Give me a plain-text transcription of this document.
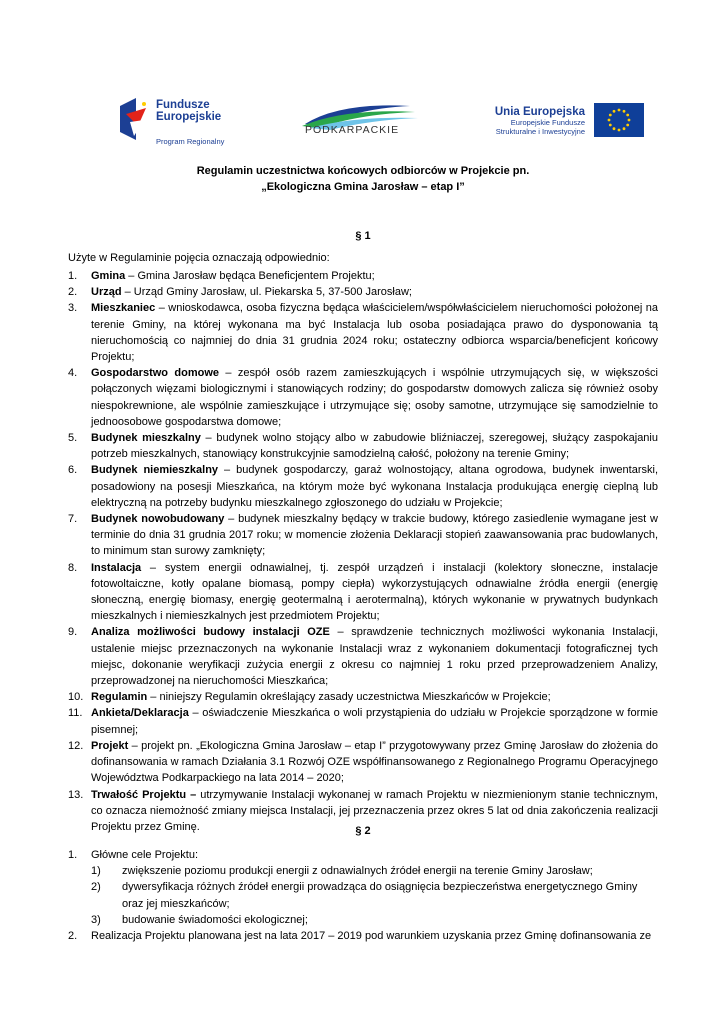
Fundusze
Europejskie
Program Regionalny
PODKARPACKIE
Unia Europejska
Europejskie Fundusze
Strukturalne i Inwestycyjne
Regulamin uczestnictwa końcowych odbiorców w Projekcie pn.
„Ekologiczna Gmina Jarosław – etap I”
§ 1
Użyte w Regulaminie pojęcia oznaczają odpowiednio:
1. Gmina – Gmina Jarosław będąca Beneficjentem Projektu;
2. Urząd – Urząd Gminy Jarosław, ul. Piekarska 5, 37-500 Jarosław;
3. Mieszkaniec – wnioskodawca, osoba fizyczna będąca właścicielem/współwłaścicielem nieruchomości położonej na terenie Gminy, na której wykonana ma być Instalacja lub osoba posiadająca prawo do dysponowania tą nieruchomością co najmniej do dnia 31 grudnia 2024 roku; ostateczny odbiorca wsparcia/beneficjent końcowy Projektu;
4. Gospodarstwo domowe – zespół osób razem zamieszkujących i wspólnie utrzymujących się, w większości połączonych więzami biologicznymi i stanowiących rodziny; do gospodarstw domowych zalicza się również osoby niespokrewnione, ale wspólnie zamieszkujące i utrzymujące się; osoby samotne, utrzymujące się samodzielnie to jednoosobowe gospodarstwa domowe;
5. Budynek mieszkalny – budynek wolno stojący albo w zabudowie bliźniaczej, szeregowej, służący zaspokajaniu potrzeb mieszkalnych, stanowiący konstrukcyjnie samodzielną całość, położony na terenie Gminy;
6. Budynek niemieszkalny – budynek gospodarczy, garaż wolnostojący, altana ogrodowa, budynek inwentarski, posadowiony na posesji Mieszkańca, na którym może być wykonana Instalacja produkująca energię cieplną lub elektryczną na potrzeby budynku mieszkalnego zgłoszonego do udziału w Projekcie;
7. Budynek nowobudowany – budynek mieszkalny będący w trakcie budowy, którego zasiedlenie wymagane jest w terminie do dnia 31 grudnia 2017 roku; w momencie złożenia Deklaracji stopień zaawansowania prac budowlanych, to minimum stan surowy zamknięty;
8. Instalacja – system energii odnawialnej, tj. zespół urządzeń i instalacji (kolektory słoneczne, instalacje fotowoltaiczne, kotły opalane biomasą, pompy ciepła) wykorzystujących odnawialne źródła energii (energię słoneczną, energię biomasy, energię geotermalną i aerotermalną), których wykonanie w prywatnych budynkach mieszkalnych i niemieszkalnych jest przedmiotem Projektu;
9. Analiza możliwości budowy instalacji OZE – sprawdzenie technicznych możliwości wykonania Instalacji, ustalenie miejsc przeznaczonych na wykonanie Instalacji wraz z wykonaniem dokumentacji fotograficznej tych miejsc, dokonanie weryfikacji zużycia energii z okresu co najmniej 1 roku przed przeprowadzeniem Analizy, przeprowadzonej na nieruchomości Mieszkańca;
10. Regulamin – niniejszy Regulamin określający zasady uczestnictwa Mieszkańców w Projekcie;
11. Ankieta/Deklaracja – oświadczenie Mieszkańca o woli przystąpienia do udziału w Projekcie sporządzone w formie pisemnej;
12. Projekt – projekt pn. „Ekologiczna Gmina Jarosław – etap I” przygotowywany przez Gminę Jarosław do złożenia do dofinansowania w ramach Działania 3.1 Rozwój OZE współfinansowanego z Regionalnego Programu Operacyjnego Województwa Podkarpackiego na lata 2014 – 2020;
13. Trwałość Projektu – utrzymywanie Instalacji wykonanej w ramach Projektu w niezmienionym stanie technicznym, co oznacza niemożność zmiany miejsca Instalacji, jej przeznaczenia przez okres 5 lat od dnia zakończenia realizacji Projektu przez Gminę.	§ 2
1. Główne cele Projektu:
1) zwiększenie poziomu produkcji energii z odnawialnych źródeł energii na terenie Gminy Jarosław;
2) dywersyfikacja różnych źródeł energii prowadząca do osiągnięcia bezpieczeństwa energetycznego Gminy oraz jej mieszkańców;
3) budowanie świadomości ekologicznej;
2. Realizacja Projektu planowana jest na lata 2017 – 2019 pod warunkiem uzyskania przez Gminę dofinansowania ze
